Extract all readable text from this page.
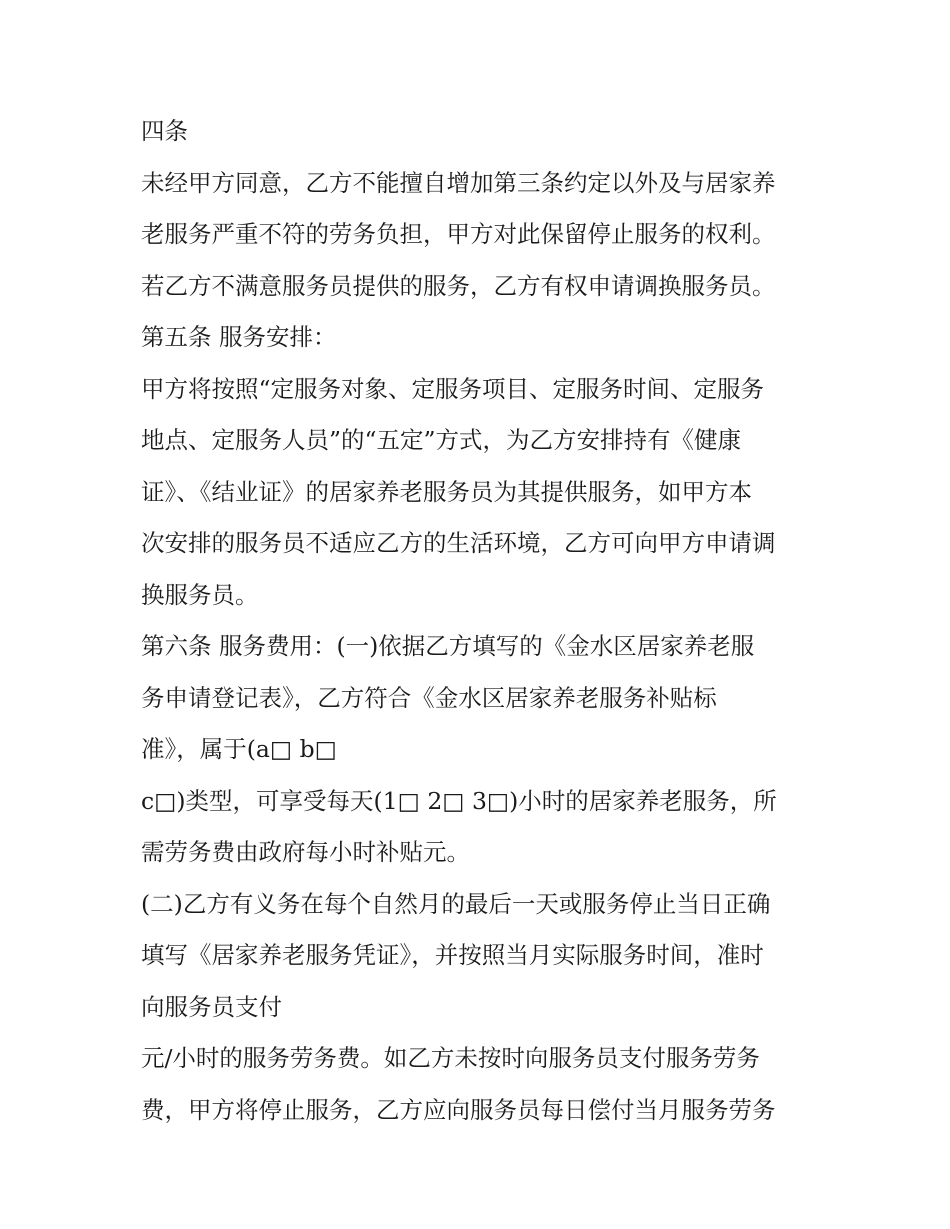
四条

未经甲方同意，乙方不能擅自增加第三条约定以外及与居家养

老服务严重不符的劳务负担，甲方对此保留停止服务的权利。

若乙方不满意服务员提供的服务，乙方有权申请调换服务员。

第五条 服务安排：

甲方将按照“定服务对象、定服务项目、定服务时间、定服务

地点、定服务人员”的“五定”方式，为乙方安排持有《健康

证》、《结业证》的居家养老服务员为其提供服务，如甲方本

次安排的服务员不适应乙方的生活环境，乙方可向甲方申请调

换服务员。

第六条 服务费用：(一)依据乙方填写的《金水区居家养老服

务申请登记表》，乙方符合《金水区居家养老服务补贴标

准》，属于(a□ b□

c□)类型，可享受每天(1□ 2□ 3□)小时的居家养老服务，所

需劳务费由政府每小时补贴元。

(二)乙方有义务在每个自然月的最后一天或服务停止当日正确

填写《居家养老服务凭证》，并按照当月实际服务时间，准时

向服务员支付

元/小时的服务劳务费。如乙方未按时向服务员支付服务劳务

费，甲方将停止服务，乙方应向服务员每日偿付当月服务劳务
